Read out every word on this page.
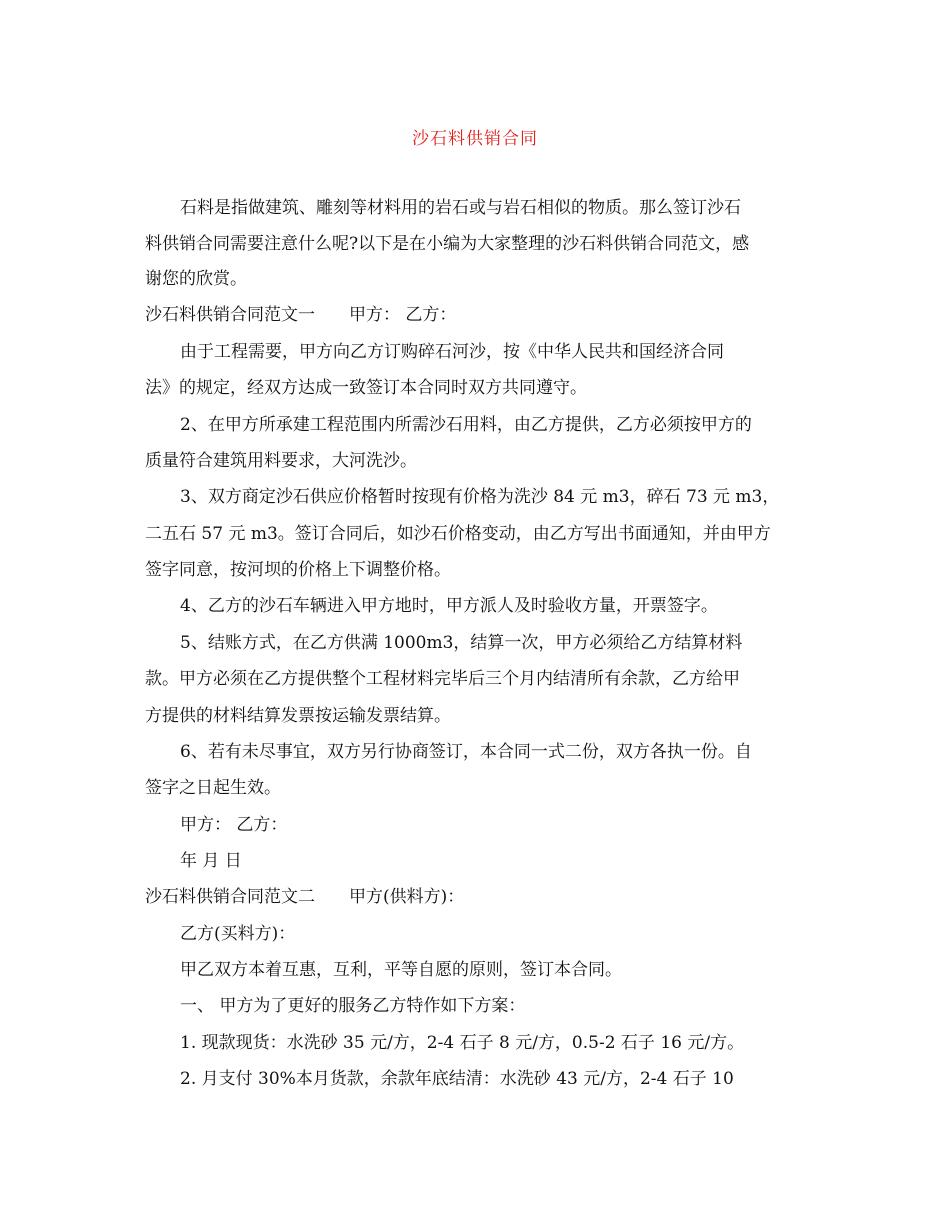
沙石料供销合同
石料是指做建筑、雕刻等材料用的岩石或与岩石相似的物质。那么签订沙石
料供销合同需要注意什么呢?以下是在小编为大家整理的沙石料供销合同范文，感
谢您的欣赏。
沙石料供销合同范文一　　甲方： 乙方：
由于工程需要，甲方向乙方订购碎石河沙，按《中华人民共和国经济合同
法》的规定，经双方达成一致签订本合同时双方共同遵守。
2、在甲方所承建工程范围内所需沙石用料，由乙方提供，乙方必须按甲方的
质量符合建筑用料要求，大河洗沙。
3、双方商定沙石供应价格暂时按现有价格为洗沙 84 元 m3，碎石 73 元 m3，
二五石 57 元 m3。签订合同后，如沙石价格变动，由乙方写出书面通知，并由甲方
签字同意，按河坝的价格上下调整价格。
4、乙方的沙石车辆进入甲方地时，甲方派人及时验收方量，开票签字。
5、结账方式，在乙方供满 1000m3，结算一次，甲方必须给乙方结算材料
款。甲方必须在乙方提供整个工程材料完毕后三个月内结清所有余款，乙方给甲
方提供的材料结算发票按运输发票结算。
6、若有未尽事宜，双方另行协商签订，本合同一式二份，双方各执一份。自
签字之日起生效。
甲方： 乙方：
年 月 日
沙石料供销合同范文二　　甲方(供料方)：
乙方(买料方)：
甲乙双方本着互惠，互利，平等自愿的原则，签订本合同。
一、 甲方为了更好的服务乙方特作如下方案：
1. 现款现货：水洗砂 35 元/方，2-4 石子 8 元/方，0.5-2 石子 16 元/方。
2. 月支付 30%本月货款，余款年底结清：水洗砂 43 元/方，2-4 石子 10
